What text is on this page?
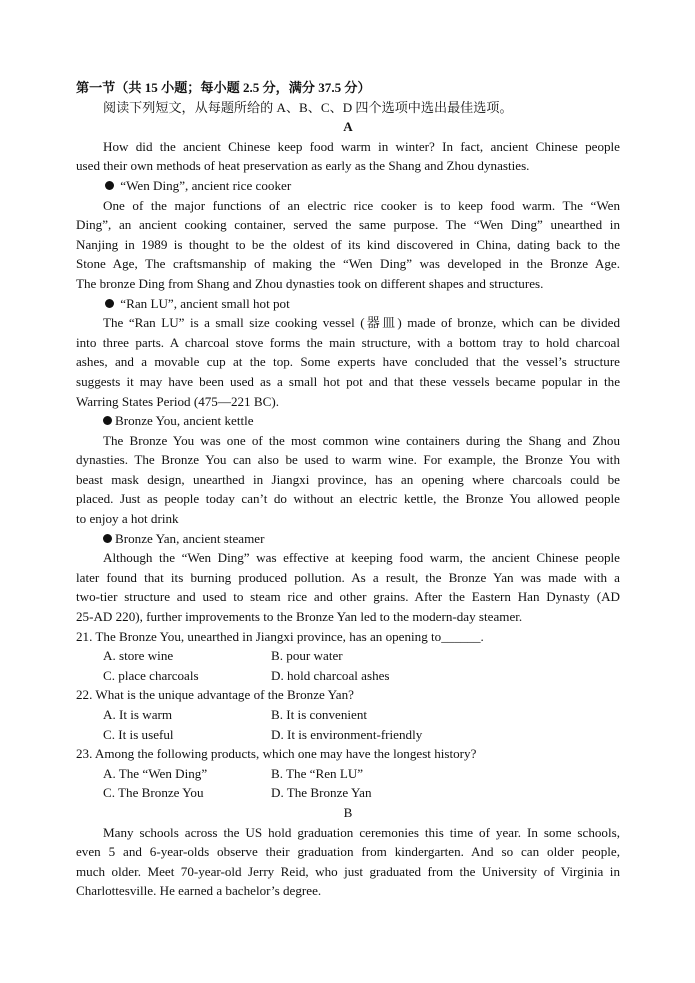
第一节（共 15 小题；每小题 2.5 分，满分 37.5 分）
阅读下列短文，从每题所给的 A、B、C、D 四个选项中选出最佳选项。
A
How did the ancient Chinese keep food warm in winter? In fact, ancient Chinese people
used their own methods of heat preservation as early as the Shang and Zhou dynasties.
“Wen Ding”, ancient rice cooker
One of the major functions of an electric rice cooker is to keep food warm. The “Wen
Ding”, an ancient cooking container, served the same purpose. The “Wen Ding” unearthed in
Nanjing in 1989 is thought to be the oldest of its kind discovered in China, dating back to the
Stone Age, The craftsmanship of making the “Wen Ding” was developed in the Bronze Age.
The bronze Ding from Shang and Zhou dynasties took on different shapes and structures.
“Ran LU”, ancient small hot pot
The “Ran LU” is a small size cooking vessel (器皿) made of bronze, which can be divided
into three parts. A charcoal stove forms the main structure, with a bottom tray to hold charcoal
ashes, and a movable cup at the top. Some experts have concluded that the vessel’s structure
suggests it may have been used as a small hot pot and that these vessels became popular in the
Warring States Period (475—221 BC).
Bronze You, ancient kettle
The Bronze You was one of the most common wine containers during the Shang and Zhou
dynasties. The Bronze You can also be used to warm wine. For example, the Bronze You with
beast mask design, unearthed in Jiangxi province, has an opening where charcoals could be
placed. Just as people today can’t do without an electric kettle, the Bronze You allowed people
to enjoy a hot drink
Bronze Yan, ancient steamer
Although the “Wen Ding” was effective at keeping food warm, the ancient Chinese people
later found that its burning produced pollution. As a result, the Bronze Yan was made with a
two-tier structure and used to steam rice and other grains. After the Eastern Han Dynasty (AD
25-AD 220), further improvements to the Bronze Yan led to the modern-day steamer.
21. The Bronze You, unearthed in Jiangxi province, has an opening to______.
A. store wine	B. pour water
C. place charcoals	D. hold charcoal ashes
22. What is the unique advantage of the Bronze Yan?
A. It is warm	B. It is convenient
C. It is useful	D. It is environment-friendly
23. Among the following products, which one may have the longest history?
A. The “Wen Ding”	B. The “Ren LU”
C. The Bronze You	D. The Bronze Yan
B
Many schools across the US hold graduation ceremonies this time of year. In some schools,
even 5 and 6-year-olds observe their graduation from kindergarten. And so can older people,
much older. Meet 70-year-old Jerry Reid, who just graduated from the University of Virginia in
Charlottesville. He earned a bachelor’s degree.
